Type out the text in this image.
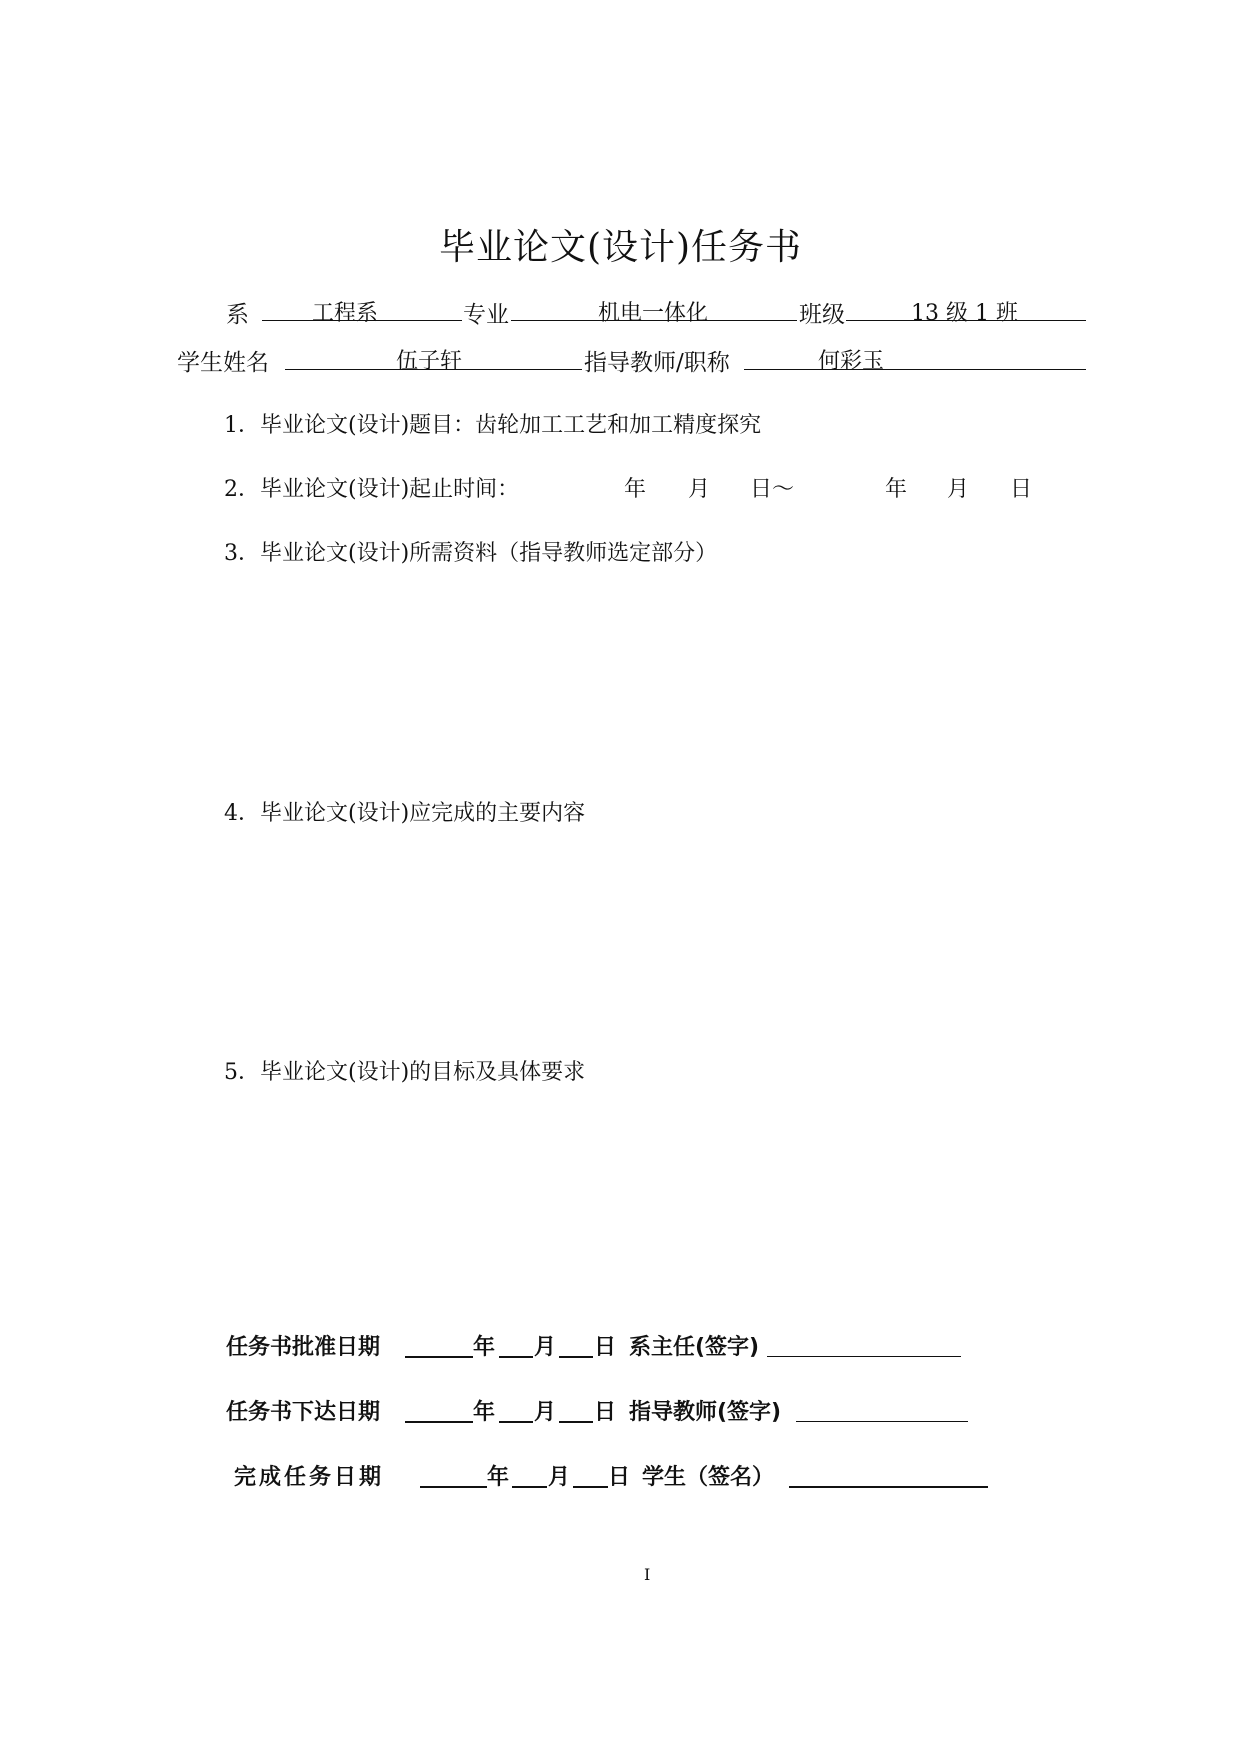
毕业论文(设计)任务书
系	工程系	专业	机电一体化	班级	13 级 1 班
学生姓名	伍子轩	指导教师/职称	何彩玉
1．毕业论文(设计)题目：齿轮加工工艺和加工精度探究
2．毕业论文(设计)起止时间：	年 月 日～	年 月 日
3．毕业论文(设计)所需资料（指导教师选定部分）
4．毕业论文(设计)应完成的主要内容
5．毕业论文(设计)的目标及具体要求
任务书批准日期	年 月 日 系主任(签字)
任务书下达日期	年 月 日 指导教师(签字)
完成任务日期	年 月 日 学生（签名）
I
